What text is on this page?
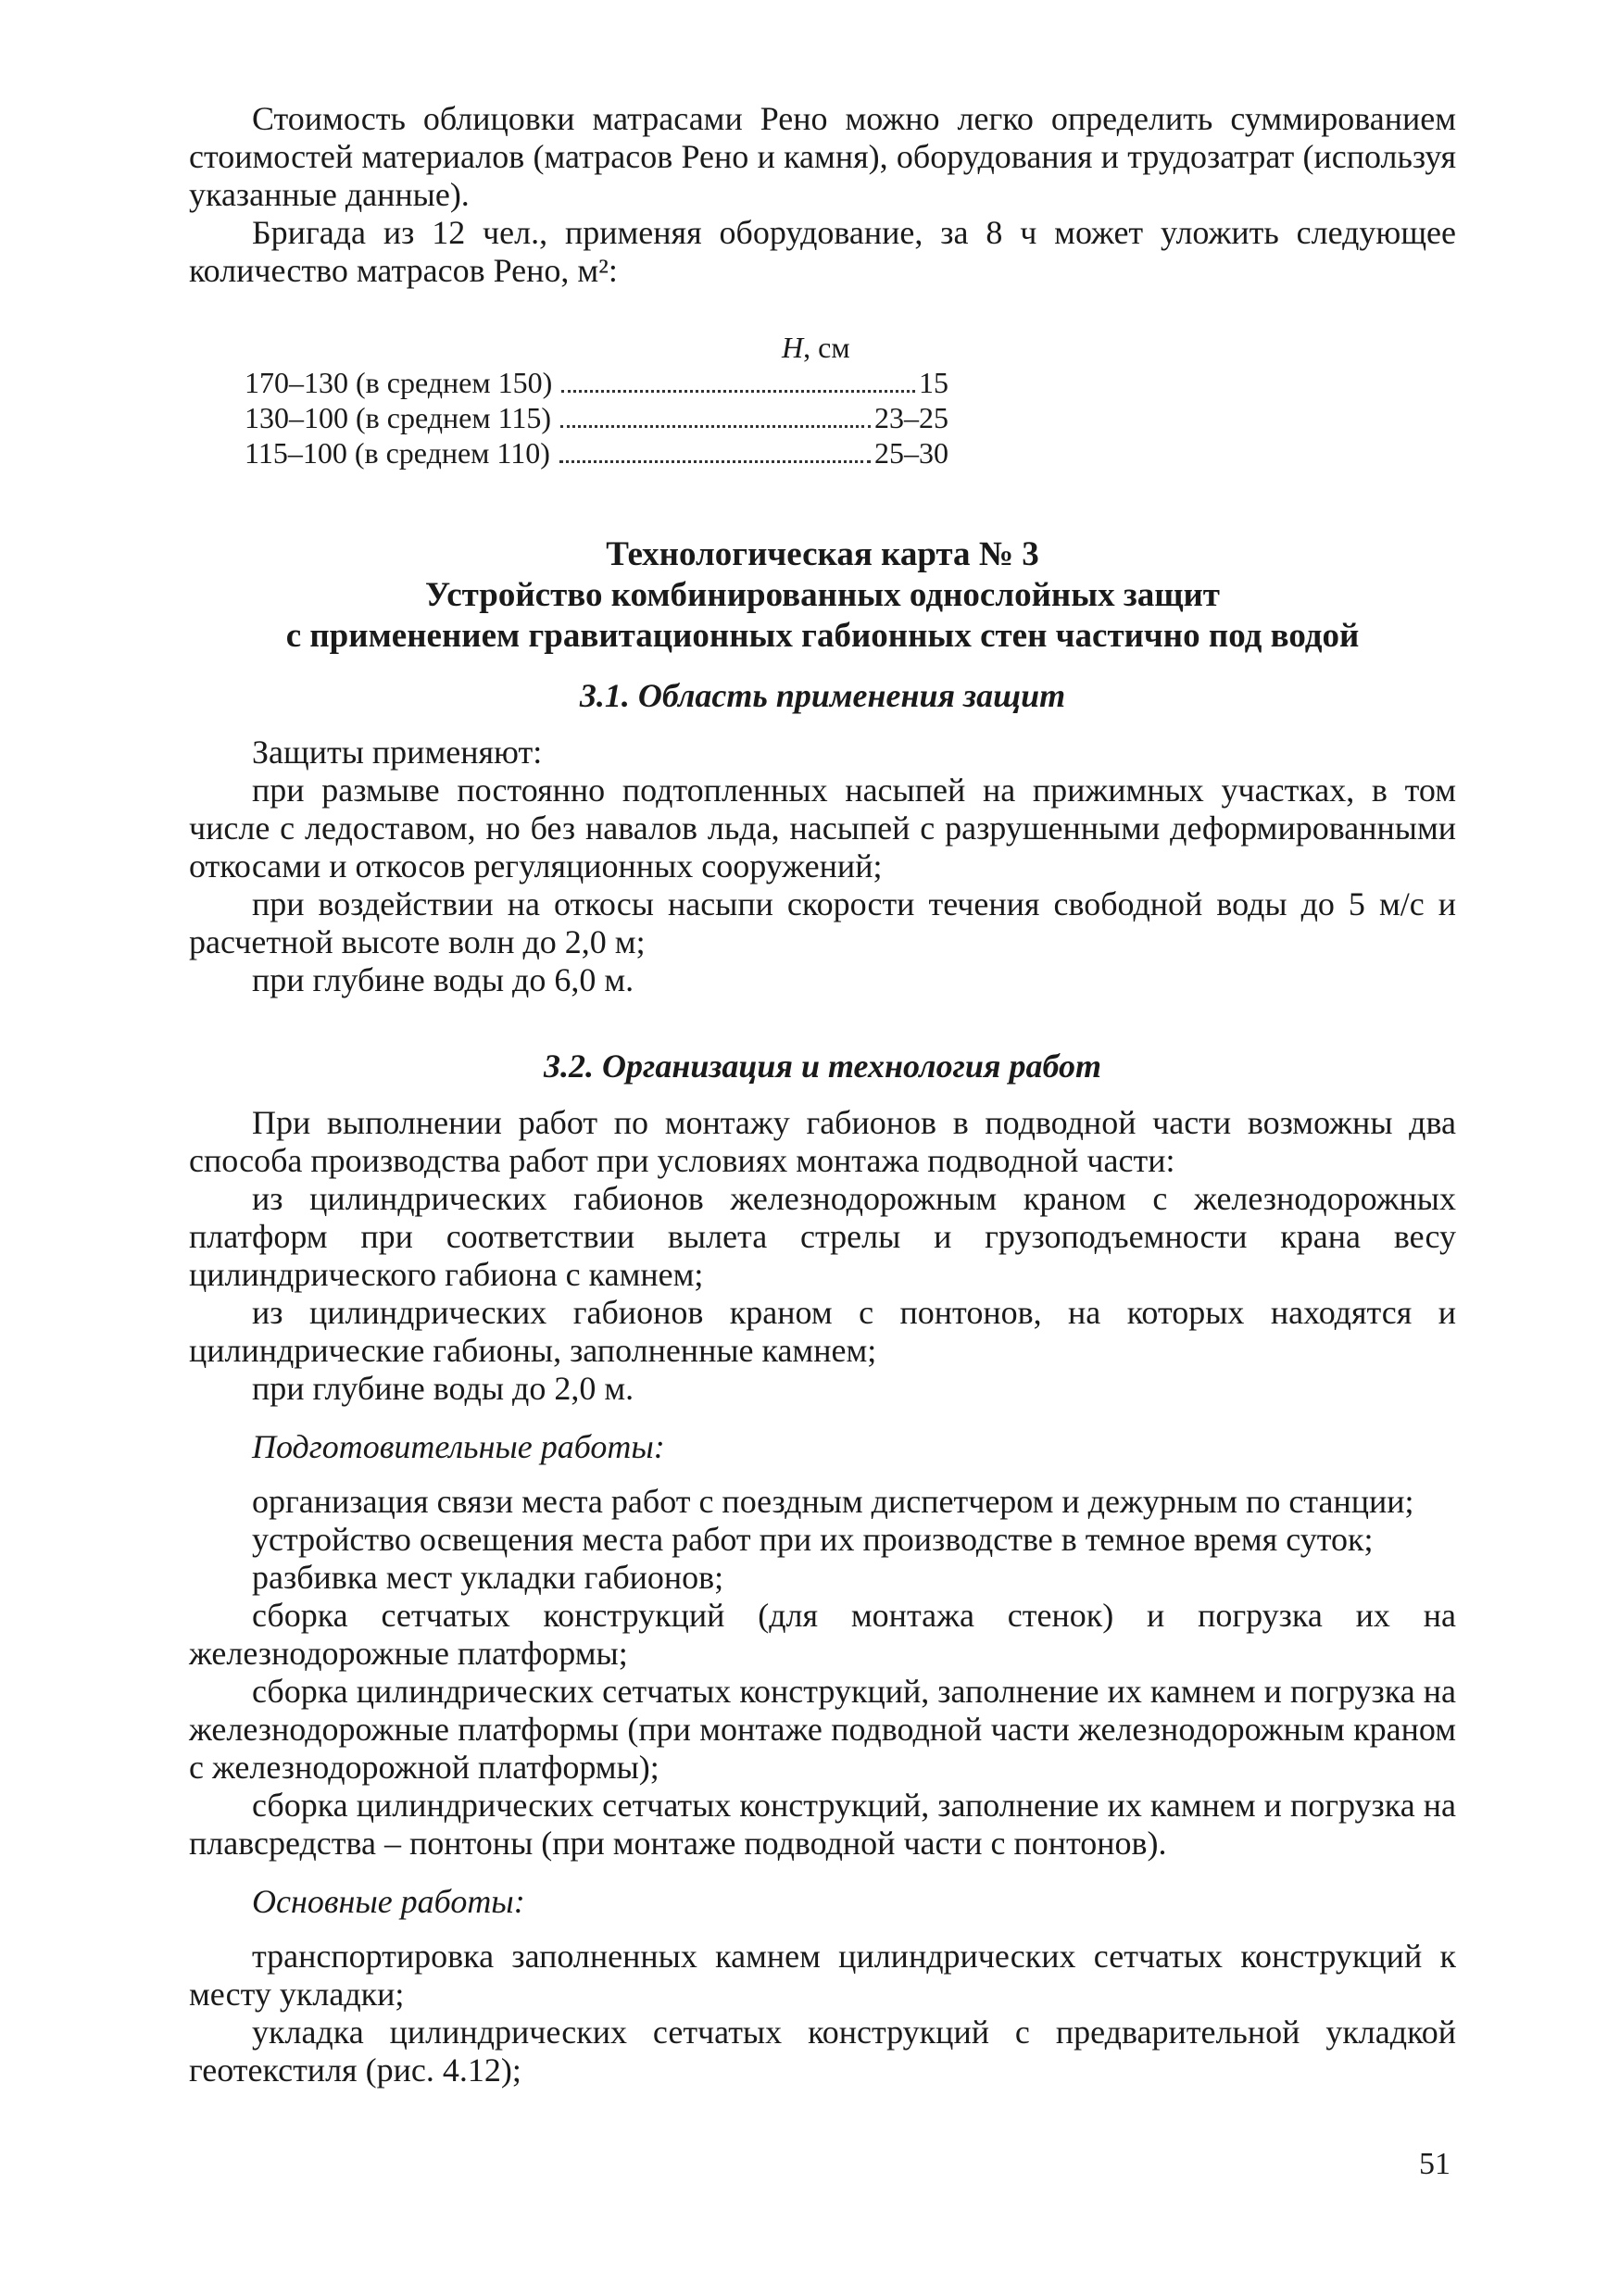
Стоимость облицовки матрасами Рено можно легко определить суммированием стоимостей материалов (матрасов Рено и камня), оборудования и трудозатрат (используя указанные данные).

Бригада из 12 чел., применяя оборудование, за 8 ч может уложить следующее количество матрасов Рено, м²:

H, см
170–130 (в среднем 150)	15
130–100 (в среднем 115)	23–25
115–100 (в среднем 110)	25–30
Технологическая карта № 3
Устройство комбинированных однослойных защит
с применением гравитационных габионных стен частично под водой
3.1. Область применения защит

Защиты применяют:

при размыве постоянно подтопленных насыпей на прижимных участках, в том числе с ледоставом, но без навалов льда, насыпей с разрушенными деформированными откосами и откосов регуляционных сооружений;

при воздействии на откосы насыпи скорости течения свободной воды до 5 м/с и расчетной высоте волн до 2,0 м;

при глубине воды до 6,0 м.

3.2. Организация и технология работ

При выполнении работ по монтажу габионов в подводной части возможны два способа производства работ при условиях монтажа подводной части:

из цилиндрических габионов железнодорожным краном с железнодорожных платформ при соответствии вылета стрелы и грузоподъемности крана весу цилиндрического габиона с камнем;

из цилиндрических габионов краном с понтонов, на которых находятся и цилиндрические габионы, заполненные камнем;

при глубине воды до 2,0 м.

Подготовительные работы:

организация связи места работ с поездным диспетчером и дежурным по станции;

устройство освещения места работ при их производстве в темное время суток;

разбивка мест укладки габионов;

сборка сетчатых конструкций (для монтажа стенок) и погрузка их на железнодорожные платформы;

сборка цилиндрических сетчатых конструкций, заполнение их камнем и погрузка на железнодорожные платформы (при монтаже подводной части железнодорожным краном с железнодорожной платформы);

сборка цилиндрических сетчатых конструкций, заполнение их камнем и погрузка на плавсредства – понтоны (при монтаже подводной части с понтонов).

Основные работы:

транспортировка заполненных камнем цилиндрических сетчатых конструкций к месту укладки;

укладка цилиндрических сетчатых конструкций с предварительной укладкой геотекстиля (рис. 4.12);

51
